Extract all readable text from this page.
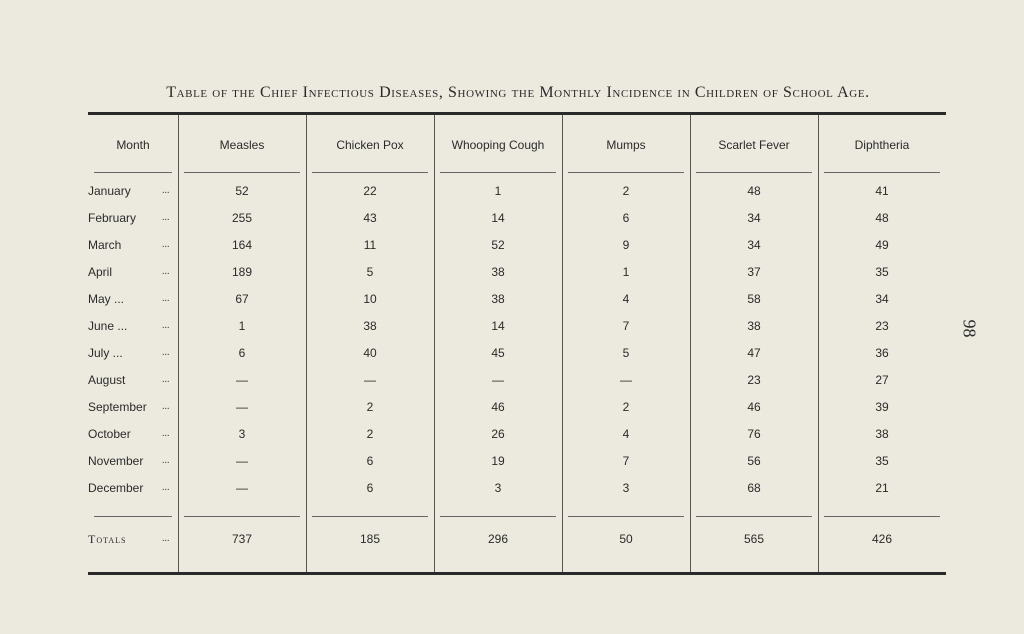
Table of the Chief Infectious Diseases, Showing the Monthly Incidence in Children of School Age.
Month	Measles	Chicken Pox	Whooping Cough	Mumps	Scarlet Fever	Diphtheria
January	...	52	22	1	2	48	41
February	...	255	43	14	6	34	48
March	...	164	11	52	9	34	49
April	...	189	5	38	1	37	35
May ...	...	67	10	38	4	58	34
June ...	...	1	38	14	7	38	23
July ...	...	6	40	45	5	47	36
August	...	—	—	—	—	23	27
September ...	—	2	46	2	46	39
October	...	3	2	26	4	76	38
November ...	—	6	19	7	56	35
December ...	—	6	3	3	68	21
Totals	...	737	185	296	50	565	426
98
